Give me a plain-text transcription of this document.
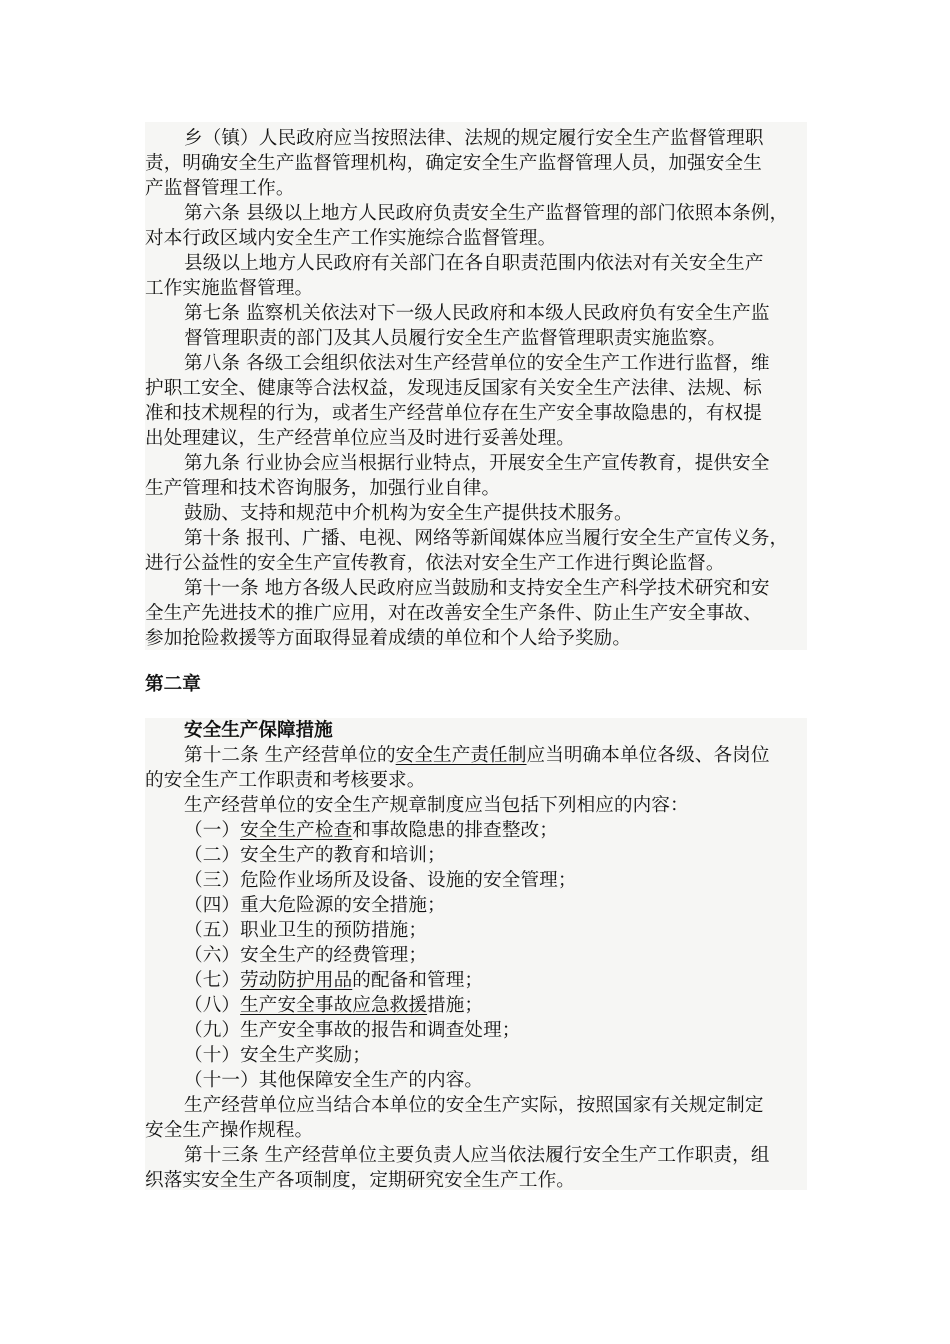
乡（镇）人民政府应当按照法律、法规的规定履行安全生产监督管理职
责，明确安全生产监督管理机构，确定安全生产监督管理人员，加强安全生
产监督管理工作。
第六条 县级以上地方人民政府负责安全生产监督管理的部门依照本条例，
对本行政区域内安全生产工作实施综合监督管理。
县级以上地方人民政府有关部门在各自职责范围内依法对有关安全生产
工作实施监督管理。
第七条 监察机关依法对下一级人民政府和本级人民政府负有安全生产监
督管理职责的部门及其人员履行安全生产监督管理职责实施监察。
第八条 各级工会组织依法对生产经营单位的安全生产工作进行监督，维
护职工安全、健康等合法权益，发现违反国家有关安全生产法律、法规、标
准和技术规程的行为，或者生产经营单位存在生产安全事故隐患的，有权提
出处理建议，生产经营单位应当及时进行妥善处理。
第九条 行业协会应当根据行业特点，开展安全生产宣传教育，提供安全
生产管理和技术咨询服务，加强行业自律。
鼓励、支持和规范中介机构为安全生产提供技术服务。
第十条 报刊、广播、电视、网络等新闻媒体应当履行安全生产宣传义务，
进行公益性的安全生产宣传教育，依法对安全生产工作进行舆论监督。
第十一条 地方各级人民政府应当鼓励和支持安全生产科学技术研究和安
全生产先进技术的推广应用，对在改善安全生产条件、防止生产安全事故、
参加抢险救援等方面取得显着成绩的单位和个人给予奖励。
第二章
安全生产保障措施
第十二条 生产经营单位的安全生产责任制应当明确本单位各级、各岗位
的安全生产工作职责和考核要求。
生产经营单位的安全生产规章制度应当包括下列相应的内容：
（一）安全生产检查和事故隐患的排查整改；
（二）安全生产的教育和培训；
（三）危险作业场所及设备、设施的安全管理；
（四）重大危险源的安全措施；
（五）职业卫生的预防措施；
（六）安全生产的经费管理；
（七）劳动防护用品的配备和管理；
（八）生产安全事故应急救援措施；
（九）生产安全事故的报告和调查处理；
（十）安全生产奖励；
（十一）其他保障安全生产的内容。
生产经营单位应当结合本单位的安全生产实际，按照国家有关规定制定
安全生产操作规程。
第十三条 生产经营单位主要负责人应当依法履行安全生产工作职责，组
织落实安全生产各项制度，定期研究安全生产工作。
